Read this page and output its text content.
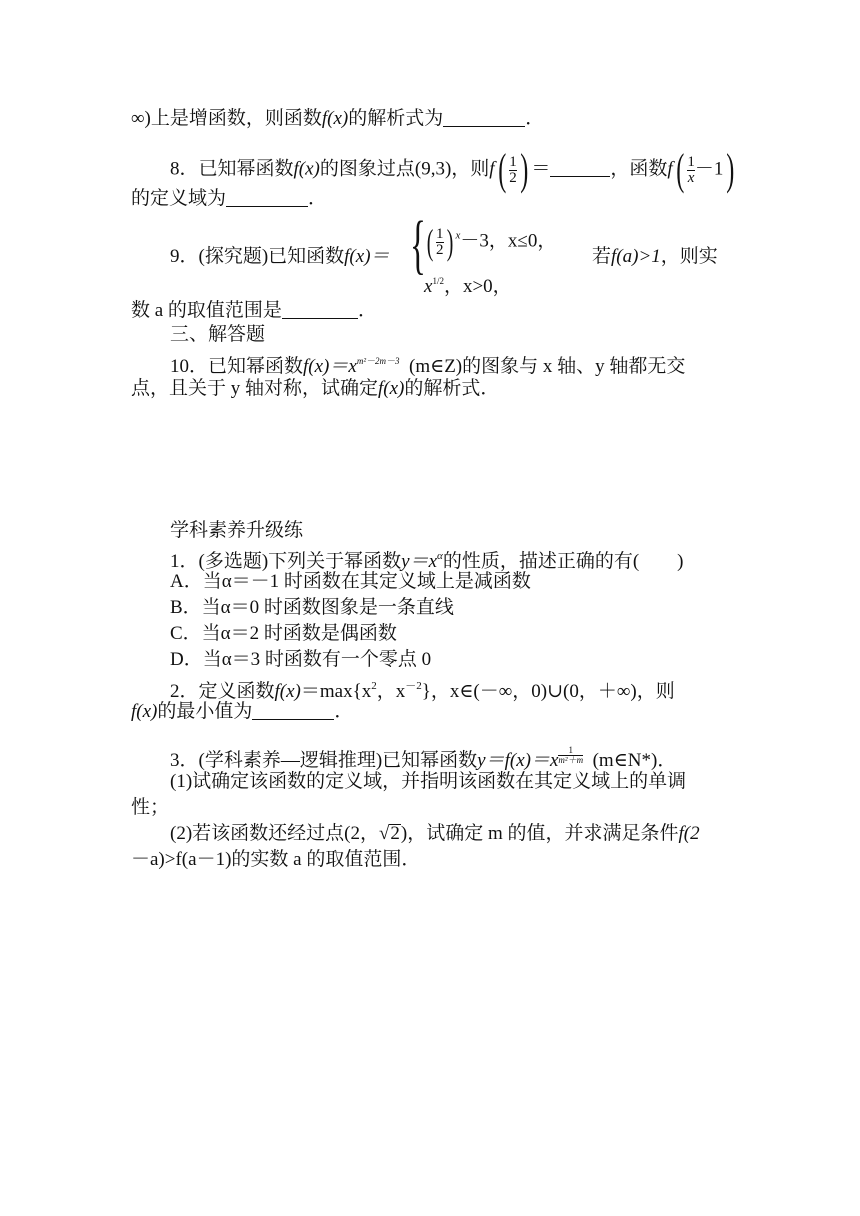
∞)上是增函数，则函数f(x)的解析式为	．
8．已知幂函数f(x)的图象过点(9,3)，则$f( \frac{1}{2}$ ) ＝	，函数$f( \frac{1}{x} -1)$
的定义域为	．
9．(探究题)已知函数f(x)＝ { ( $\frac{1}{2}$ ) $^x$－3，x≤0，
$x^{1/2}$，x>0，
若f(a)>1，则实
数 a 的取值范围是	．
三、解答题
10．已知幂函数$f(x)=x^{m^2-2m-3}$ (m∈Z)的图象与 x 轴、y 轴都无交
点，且关于 y 轴对称，试确定f(x)的解析式．
学科素养升级练
1．(多选题)下列关于幂函数$y=x^\alpha$的性质，描述正确的有(　　)
A．当α＝－1 时函数在其定义域上是减函数
B．当α＝0 时函数图象是一条直线
C．当α＝2 时函数是偶函数
D．当α＝3 时函数有一个零点 0
2．定义函数$f(x)=\max\{x^2$，$x^{-2}$}，x∈(－∞，0)∪(0，＋∞)，则
f(x)的最小值为	．
3．(学科素养—逻辑推理)已知幂函数y＝f(x)＝x $^{\frac{1}{\text{m²＋m}}}$ (m∈N*)．
(1)试确定该函数的定义域，并指明该函数在其定义域上的单调
性；
(2)若该函数还经过点(2，√2)，试确定 m 的值，并求满足条件f(2
－a)>f(a－1)的实数 a 的取值范围．
